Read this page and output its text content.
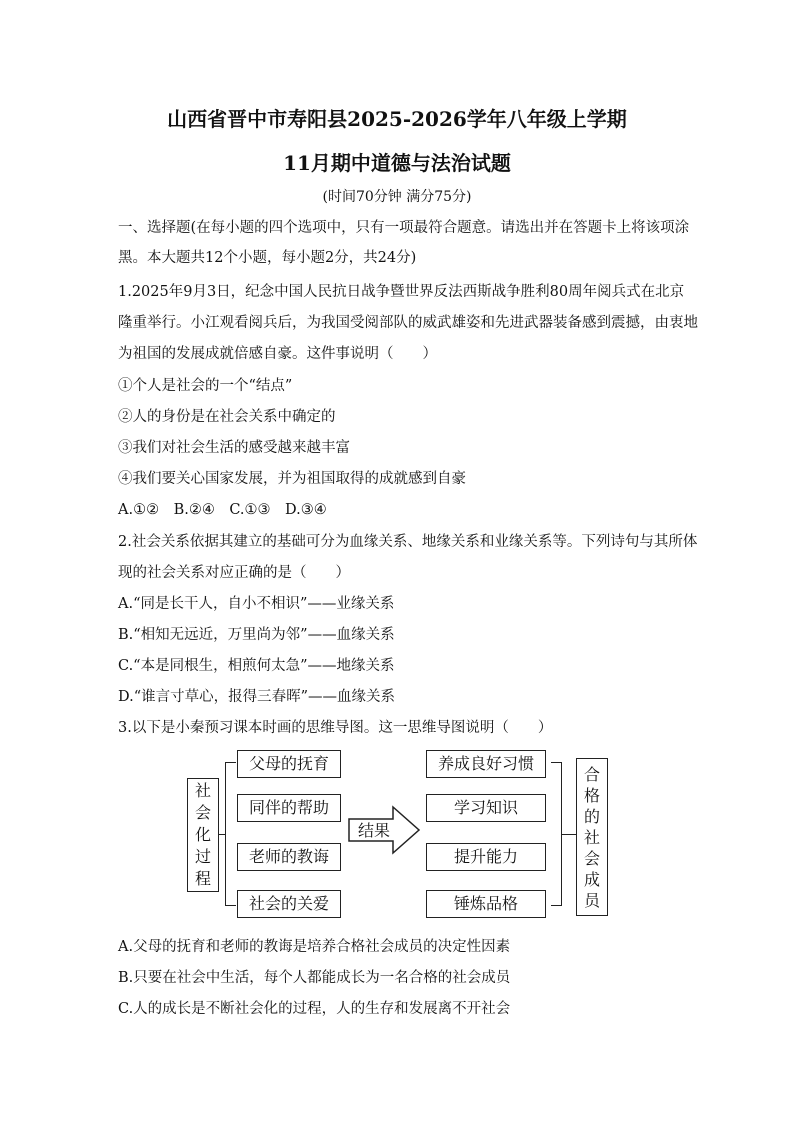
山西省晋中市寿阳县2025-2026学年八年级上学期
11月期中道德与法治试题
(时间70分钟 满分75分)
一、选择题(在每小题的四个选项中，只有一项最符合题意。请选出并在答题卡上将该项涂
黑。本大题共12个小题，每小题2分，共24分)
1.2025年9月3日，纪念中国人民抗日战争暨世界反法西斯战争胜利80周年阅兵式在北京
隆重举行。小江观看阅兵后，为我国受阅部队的威武雄姿和先进武器装备感到震撼，由衷地
为祖国的发展成就倍感自豪。这件事说明（　　）
①个人是社会的一个“结点”
②人的身份是在社会关系中确定的
③我们对社会生活的感受越来越丰富
④我们要关心国家发展，并为祖国取得的成就感到自豪
A.①②　B.②④　C.①③　D.③④
2.社会关系依据其建立的基础可分为血缘关系、地缘关系和业缘关系等。下列诗句与其所体
现的社会关系对应正确的是（　　）
A.“同是长干人，自小不相识”——业缘关系
B.“相知无远近，万里尚为邻”——血缘关系
C.“本是同根生，相煎何太急”——地缘关系
D.“谁言寸草心，报得三春晖”——血缘关系
3.以下是小秦预习课本时画的思维导图。这一思维导图说明（　　）
社
会
化
过
程
父母的抚育
同伴的帮助
老师的教诲
社会的关爱
结果
养成良好习惯
学习知识
提升能力
锤炼品格
合
格
的
社
会
成
员
A.父母的抚育和老师的教诲是培养合格社会成员的决定性因素
B.只要在社会中生活，每个人都能成长为一名合格的社会成员
C.人的成长是不断社会化的过程，人的生存和发展离不开社会
